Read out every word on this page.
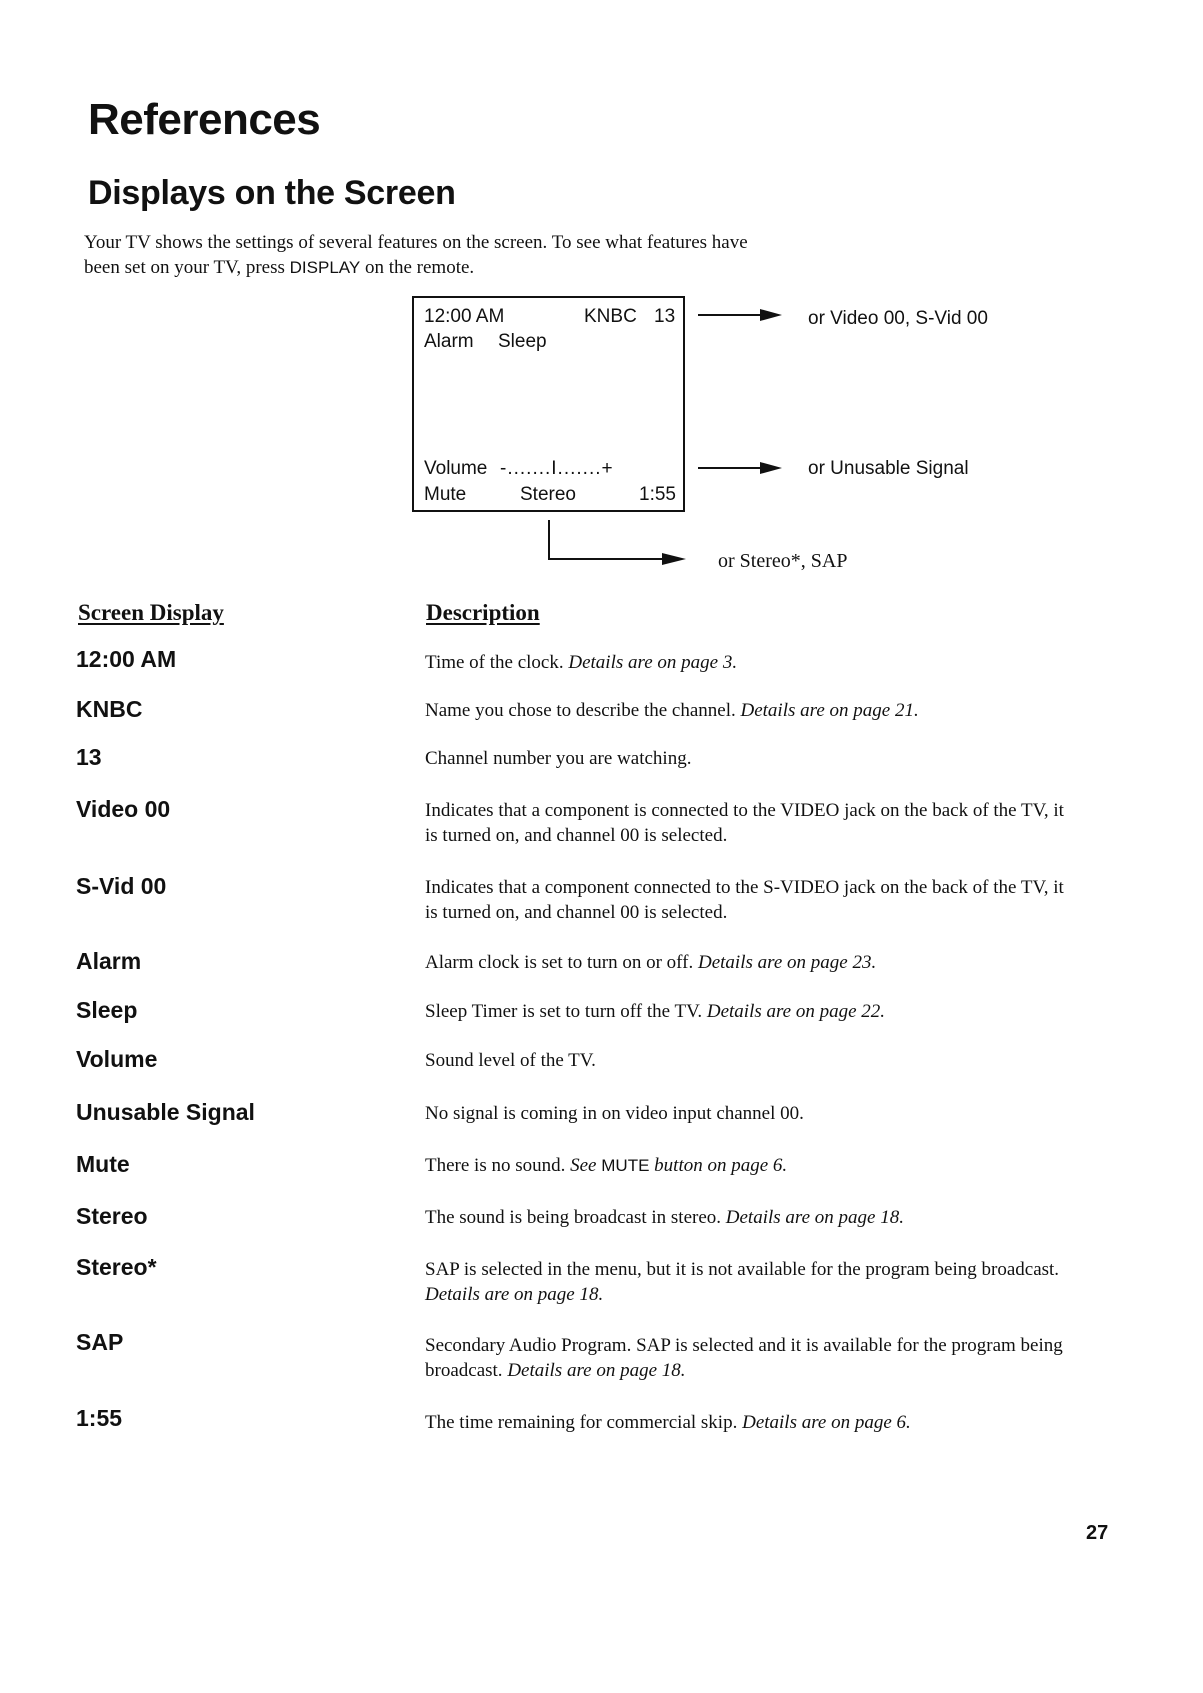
References
Displays on the Screen

Your TV shows the settings of several features on the screen. To see what features have been set on your TV, press DISPLAY on the remote.

12:00 AM	KNBC 13
Alarm Sleep
Volume -.......I.......+
Mute	Stereo	1:55
or Video 00, S-Vid 00
or Unusable Signal
or Stereo*, SAP
Screen Display	Description
12:00 AM	Time of the clock. Details are on page 3.
KNBC	Name you chose to describe the channel. Details are on page 21.
13	Channel number you are watching.
Video 00	Indicates that a component is connected to the VIDEO jack on the back of the TV, it is turned on, and channel 00 is selected.
S-Vid 00	Indicates that a component connected to the S-VIDEO jack on the back of the TV, it is turned on, and channel 00 is selected.
Alarm	Alarm clock is set to turn on or off. Details are on page 23.
Sleep	Sleep Timer is set to turn off the TV. Details are on page 22.
Volume	Sound level of the TV.
Unusable Signal	No signal is coming in on video input channel 00.
Mute	There is no sound. See MUTE button on page 6.
Stereo	The sound is being broadcast in stereo. Details are on page 18.
Stereo*	SAP is selected in the menu, but it is not available for the program being broadcast. Details are on page 18.
SAP	Secondary Audio Program. SAP is selected and it is available for the program being broadcast. Details are on page 18.
1:55	The time remaining for commercial skip. Details are on page 6.
27
